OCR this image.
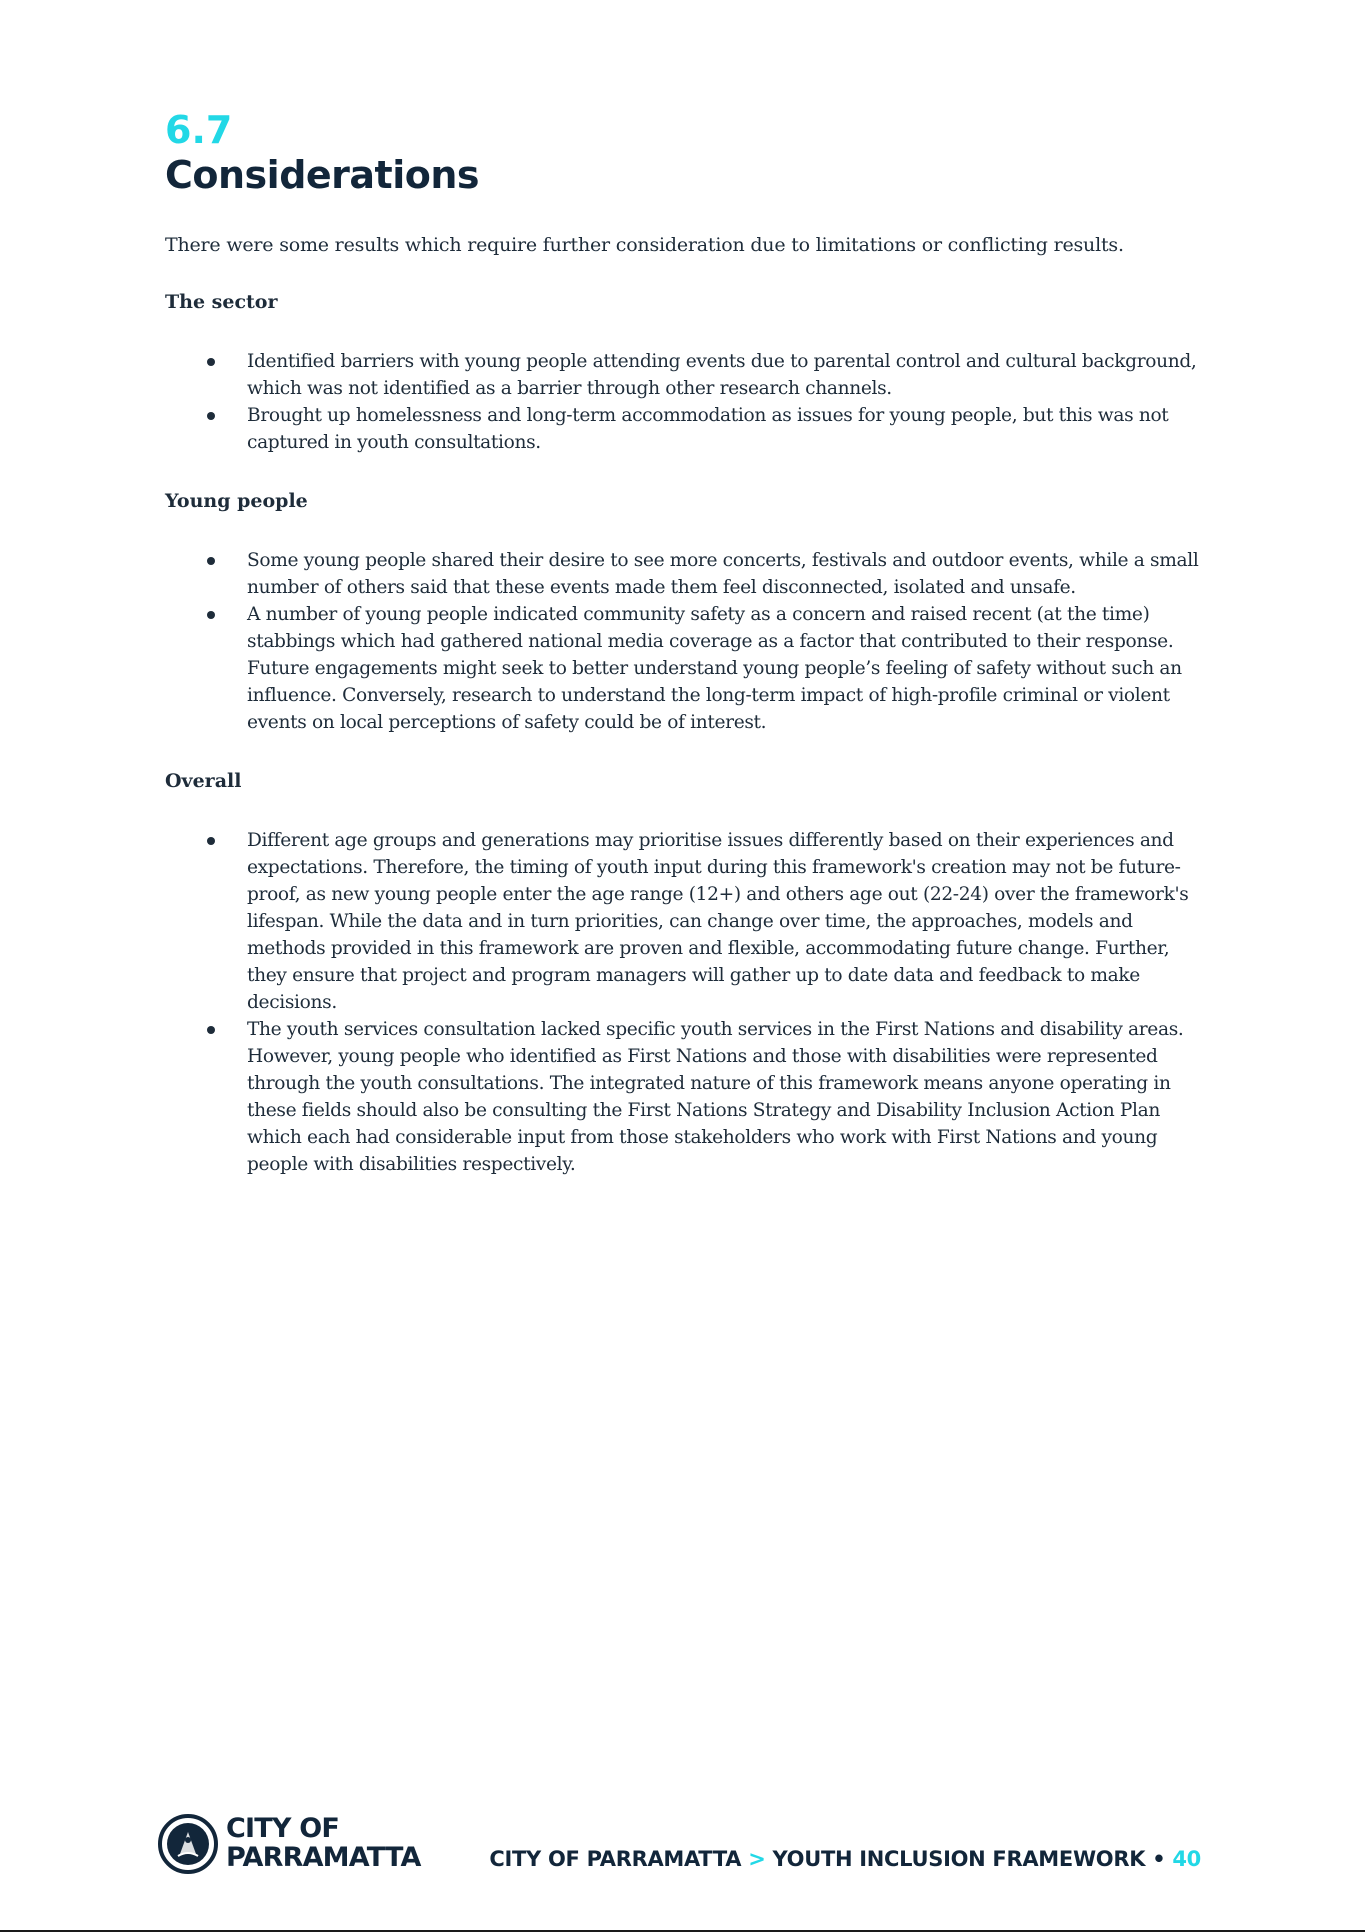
6.7
Considerations

There were some results which require further consideration due to limitations or conflicting results.

The sector
Identified barriers with young people attending events due to parental control and cultural background, which was not identified as a barrier through other research channels.
Brought up homelessness and long-term accommodation as issues for young people, but this was not captured in youth consultations.
Young people
Some young people shared their desire to see more concerts, festivals and outdoor events, while a small number of others said that these events made them feel disconnected, isolated and unsafe.
A number of young people indicated community safety as a concern and raised recent (at the time) stabbings which had gathered national media coverage as a factor that contributed to their response. Future engagements might seek to better understand young people’s feeling of safety without such an influence. Conversely, research to understand the long-term impact of high-profile criminal or violent events on local perceptions of safety could be of interest.
Overall
Different age groups and generations may prioritise issues differently based on their experiences and expectations. Therefore, the timing of youth input during this framework's creation may not be future-proof, as new young people enter the age range (12+) and others age out (22-24) over the framework's lifespan. While the data and in turn priorities, can change over time, the approaches, models and methods provided in this framework are proven and flexible, accommodating future change. Further, they ensure that project and program managers will gather up to date data and feedback to make decisions.
The youth services consultation lacked specific youth services in the First Nations and disability areas. However, young people who identified as First Nations and those with disabilities were represented through the youth consultations. The integrated nature of this framework means anyone operating in these fields should also be consulting the First Nations Strategy and Disability Inclusion Action Plan which each had considerable input from those stakeholders who work with First Nations and young people with disabilities respectively.
CITY OF
PARRAMATTA	CITY OF PARRAMATTA > YOUTH INCLUSION FRAMEWORK • 40
